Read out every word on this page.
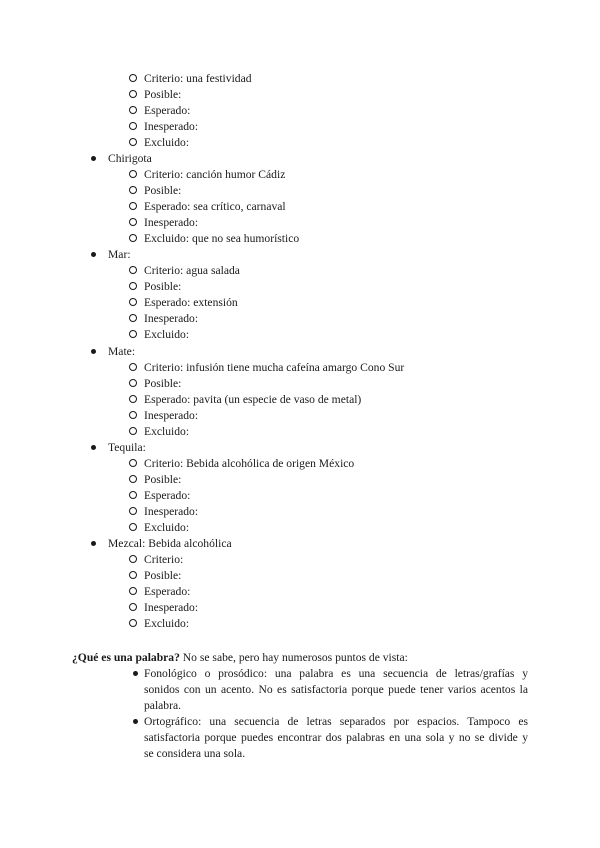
Criterio: una festividad
Posible:
Esperado:
Inesperado:
Excluido:
Chirigota
Criterio: canción humor Cádiz
Posible:
Esperado: sea crítico, carnaval
Inesperado:
Excluido: que no sea humorístico
Mar:
Criterio: agua salada
Posible:
Esperado: extensión
Inesperado:
Excluido:
Mate:
Criterio: infusión tiene mucha cafeína amargo Cono Sur
Posible:
Esperado: pavita (un especie de vaso de metal)
Inesperado:
Excluido:
Tequila:
Criterio: Bebida alcohólica de origen México
Posible:
Esperado:
Inesperado:
Excluido:
Mezcal: Bebida alcohólica
Criterio:
Posible:
Esperado:
Inesperado:
Excluido:
¿Qué es una palabra? No se sabe, pero hay numerosos puntos de vista:
Fonológico o prosódico: una palabra es una secuencia de letras/grafías y
sonidos con un acento. No es satisfactoria porque puede tener varios acentos la
palabra.
Ortográfico: una secuencia de letras separados por espacios. Tampoco es
satisfactoria porque puedes encontrar dos palabras en una sola y no se divide y
se considera una sola.
